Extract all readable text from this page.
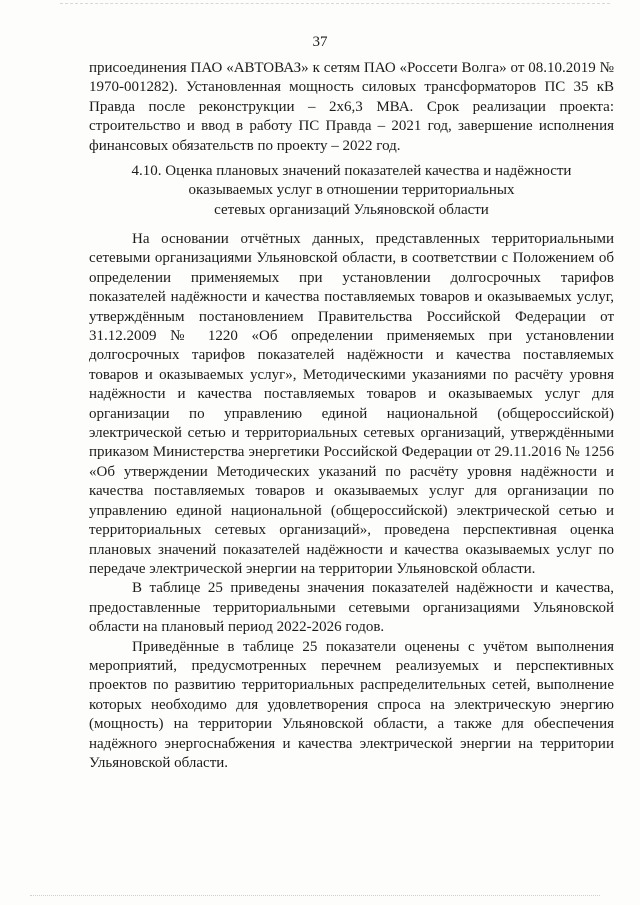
37

присоединения ПАО «АВТОВАЗ» к сетям ПАО «Россети Волга» от 08.10.2019 № 1970-001282). Установленная мощность силовых трансформаторов ПС 35 кВ Правда после реконструкции – 2х6,3 МВА. Срок реализации проекта: строительство и ввод в работу ПС Правда – 2021 год, завершение исполнения финансовых обязательств по проекту – 2022 год.

4.10. Оценка плановых значений показателей качества и надёжности
оказываемых услуг в отношении территориальных
сетевых организаций Ульяновской области

На основании отчётных данных, представленных территориальными сетевыми организациями Ульяновской области, в соответствии с Положением об определении применяемых при установлении долгосрочных тарифов показателей надёжности и качества поставляемых товаров и оказываемых услуг, утверждённым постановлением Правительства Российской Федерации от 31.12.2009 № 1220 «Об определении применяемых при установлении долгосрочных тарифов показателей надёжности и качества поставляемых товаров и оказываемых услуг», Методическими указаниями по расчёту уровня надёжности и качества поставляемых товаров и оказываемых услуг для организации по управлению единой национальной (общероссийской) электрической сетью и территориальных сетевых организаций, утверждёнными приказом Министерства энергетики Российской Федерации от 29.11.2016 № 1256 «Об утверждении Методических указаний по расчёту уровня надёжности и качества поставляемых товаров и оказываемых услуг для организации по управлению единой национальной (общероссийской) электрической сетью и территориальных сетевых организаций», проведена перспективная оценка плановых значений показателей надёжности и качества оказываемых услуг по передаче электрической энергии на территории Ульяновской области.

В таблице 25 приведены значения показателей надёжности и качества, предоставленные территориальными сетевыми организациями Ульяновской области на плановый период 2022-2026 годов.

Приведённые в таблице 25 показатели оценены с учётом выполнения мероприятий, предусмотренных перечнем реализуемых и перспективных проектов по развитию территориальных распределительных сетей, выполнение которых необходимо для удовлетворения спроса на электрическую энергию (мощность) на территории Ульяновской области, а также для обеспечения надёжного энергоснабжения и качества электрической энергии на территории Ульяновской области.
